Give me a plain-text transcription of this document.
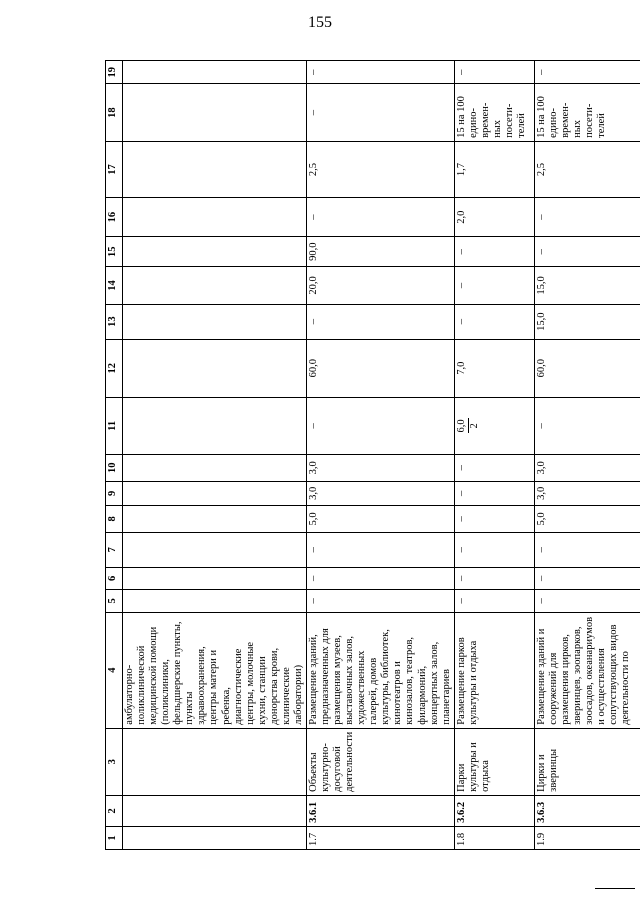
155
1	2	3	4	5	6	7	8	9	10	11	12	13	14	15	16	17	18	19
			амбулаторно-поликлинической медицинской помощи (поликлиники, фельдшерские пункты, пункты здравоохранения, центры матери и ребенка, диагностические центры, молочные кухни, станции донорства крови, клинические лаборатории)															
1.7	3.6.1	Объекты культурно-досуговой деятельности	Размещение зданий, предназначенных для размещения музеев, выставочных залов, художественных галерей, домов культуры, библиотек, кинотеатров и кинозалов, театров, филармоний, концертных залов, планетариев	–	–	–	5,0	3,0	3,0	–	60,0	–	20,0	90,0	–	2,5	–	–
1.8	3.6.2	Парки культуры и отдыха	Размещение парков культуры и отдыха	–	–	–	–	–	–	6,0 2	7,0	–	–	–	2,0	1,7	15 на 100 едино-времен-ных посети-телей	–
1.9	3.6.3	Цирки и зверинцы	Размещение зданий и сооружений для размещения цирков, зверинцев, зоопарков, зоосадов, океанариумов и осуществления сопутствующих видов деятельности по	–	–	–	5,0	3,0	3,0	–	60,0	15,0	15,0	–	–	2,5	15 на 100 едино-времен-ных посети-телей	–
